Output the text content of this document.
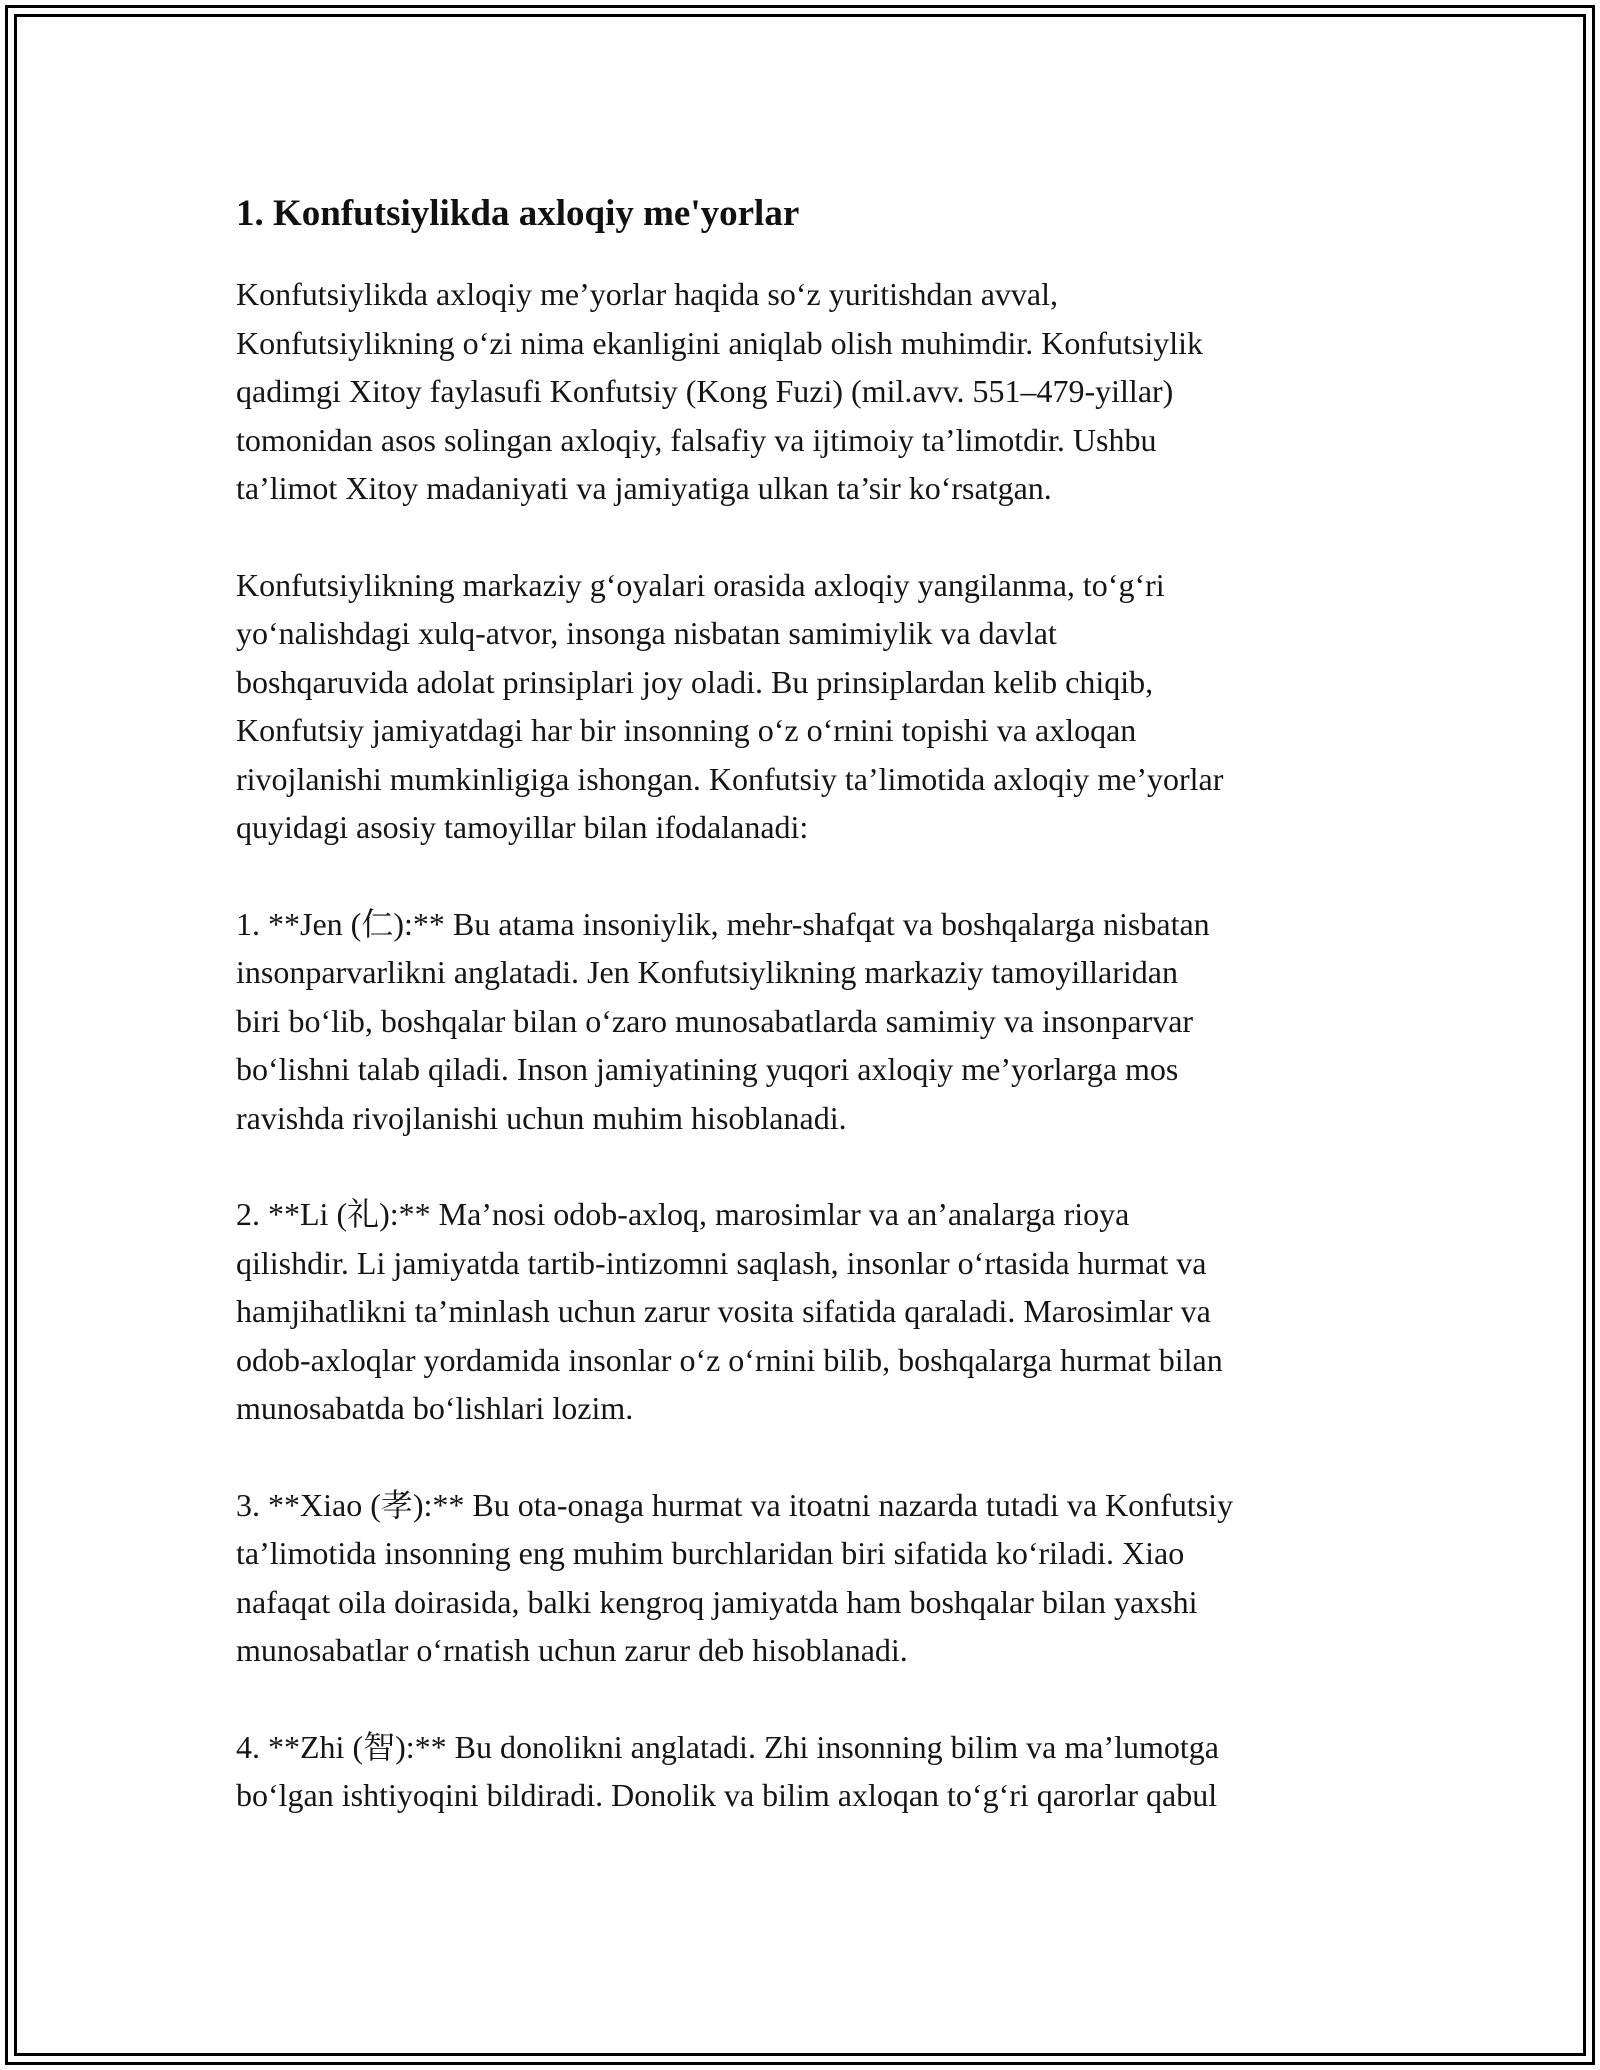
1. Konfutsiylikda axloqiy me'yorlar

Konfutsiylikda axloqiy me’yorlar haqida so‘z yuritishdan avval,
Konfutsiylikning o‘zi nima ekanligini aniqlab olish muhimdir. Konfutsiylik
qadimgi Xitoy faylasufi Konfutsiy (Kong Fuzi) (mil.avv. 551–479-yillar)
tomonidan asos solingan axloqiy, falsafiy va ijtimoiy ta’limotdir. Ushbu
ta’limot Xitoy madaniyati va jamiyatiga ulkan ta’sir ko‘rsatgan.

Konfutsiylikning markaziy g‘oyalari orasida axloqiy yangilanma, to‘g‘ri
yo‘nalishdagi xulq-atvor, insonga nisbatan samimiylik va davlat
boshqaruvida adolat prinsiplari joy oladi. Bu prinsiplardan kelib chiqib,
Konfutsiy jamiyatdagi har bir insonning o‘z o‘rnini topishi va axloqan
rivojlanishi mumkinligiga ishongan. Konfutsiy ta’limotida axloqiy me’yorlar
quyidagi asosiy tamoyillar bilan ifodalanadi:

1. **Jen (仁):** Bu atama insoniylik, mehr-shafqat va boshqalarga nisbatan
insonparvarlikni anglatadi. Jen Konfutsiylikning markaziy tamoyillaridan
biri bo‘lib, boshqalar bilan o‘zaro munosabatlarda samimiy va insonparvar
bo‘lishni talab qiladi. Inson jamiyatining yuqori axloqiy me’yorlarga mos
ravishda rivojlanishi uchun muhim hisoblanadi.

2. **Li (礼):** Ma’nosi odob-axloq, marosimlar va an’analarga rioya
qilishdir. Li jamiyatda tartib-intizomni saqlash, insonlar o‘rtasida hurmat va
hamjihatlikni ta’minlash uchun zarur vosita sifatida qaraladi. Marosimlar va
odob-axloqlar yordamida insonlar o‘z o‘rnini bilib, boshqalarga hurmat bilan
munosabatda bo‘lishlari lozim.

3. **Xiao (孝):** Bu ota-onaga hurmat va itoatni nazarda tutadi va Konfutsiy
ta’limotida insonning eng muhim burchlaridan biri sifatida ko‘riladi. Xiao
nafaqat oila doirasida, balki kengroq jamiyatda ham boshqalar bilan yaxshi
munosabatlar o‘rnatish uchun zarur deb hisoblanadi.

4. **Zhi (智):** Bu donolikni anglatadi. Zhi insonning bilim va ma’lumotga
bo‘lgan ishtiyoqini bildiradi. Donolik va bilim axloqan to‘g‘ri qarorlar qabul
